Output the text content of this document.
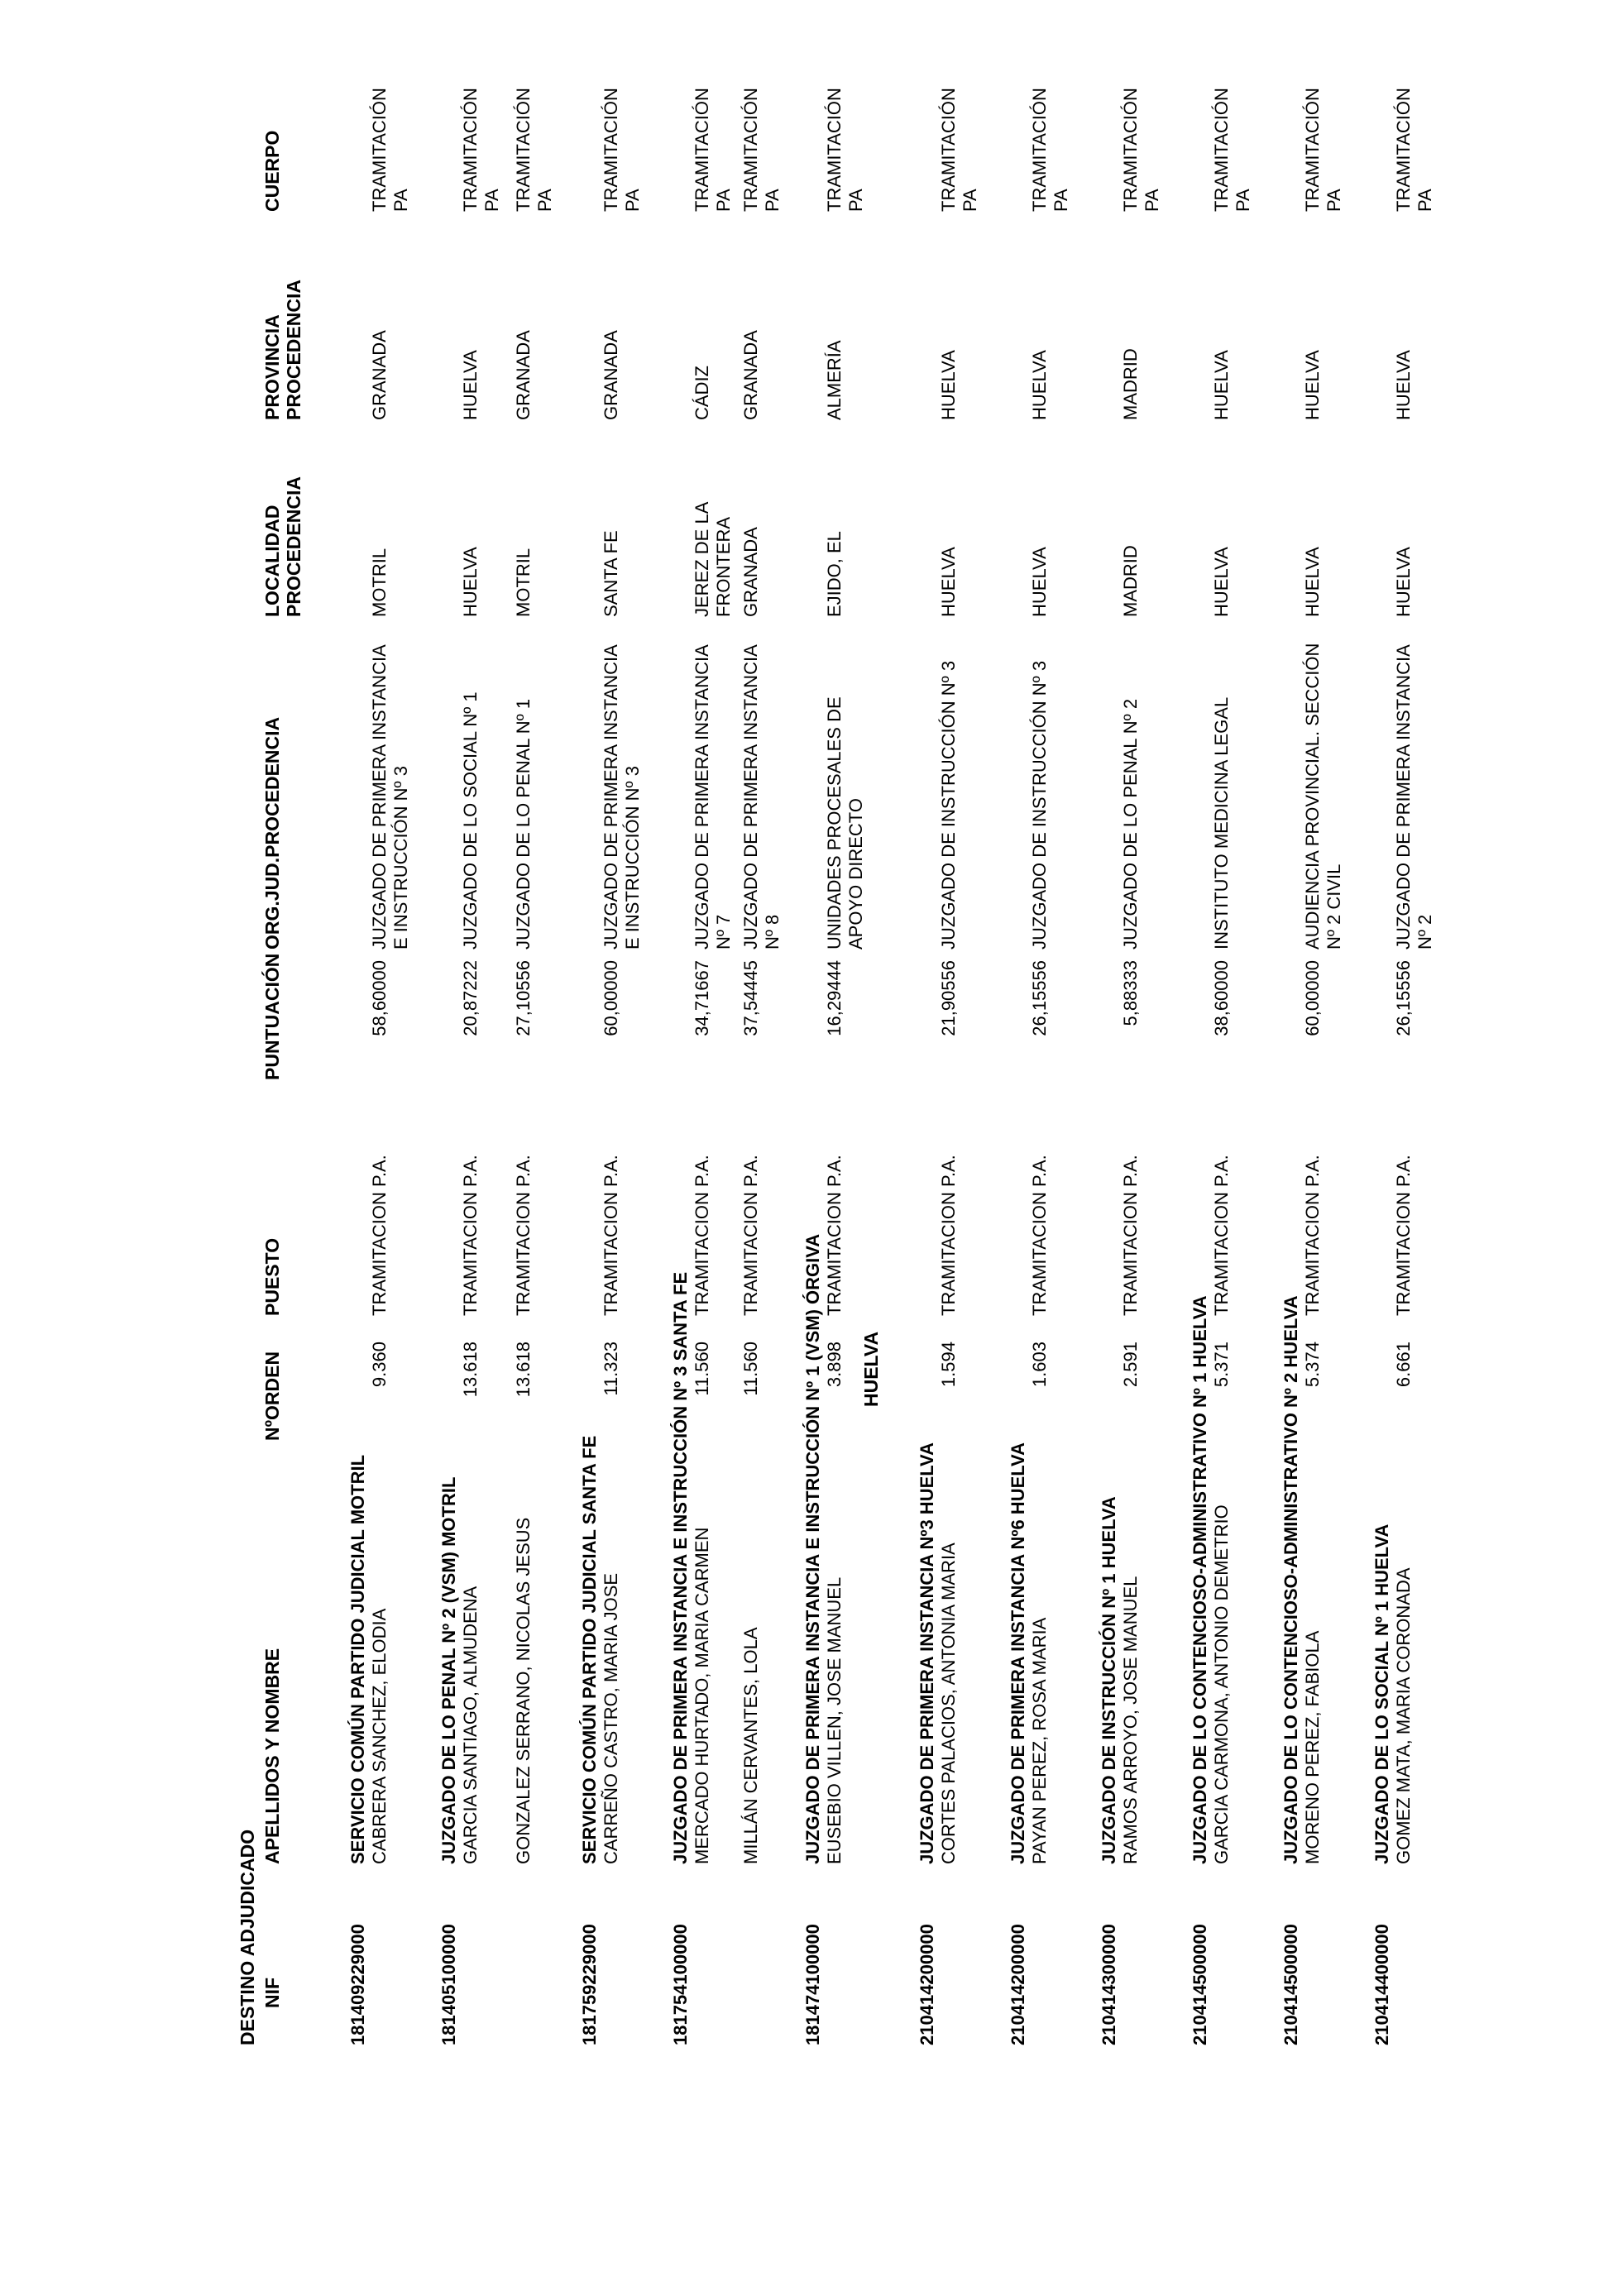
DESTINO ADJUDICADO NIF
APELLIDOS Y NOMBRE
NºORDEN
PUESTO
PUNTUACIÓN
ORG.JUD.PROCEDENCIA
LOCALIDAD PROCEDENCIA
PROVINCIA PROCEDENCIA
CUERPO
HUELVA
181409229000
SERVICIO COMÚN PARTIDO JUDICIAL MOTRIL CABRERA SANCHEZ, ELODIA
9.360
TRAMITACION P.A.
58,60000
JUZGADO DE PRIMERA INSTANCIA E INSTRUCCIÓN Nº 3
MOTRIL
GRANADA
TRAMITACIÓN PA
181405100000
JUZGADO DE LO PENAL Nº 2 (VSM) MOTRIL GARCIA SANTIAGO, ALMUDENA
13.618
TRAMITACION P.A.
20,87222
JUZGADO DE LO SOCIAL Nº 1
HUELVA
HUELVA
TRAMITACIÓN PA
GONZALEZ SERRANO, NICOLAS JESUS
13.618
TRAMITACION P.A.
27,10556
JUZGADO DE LO PENAL Nº 1
MOTRIL
GRANADA
TRAMITACIÓN PA
181759229000
SERVICIO COMÚN PARTIDO JUDICIAL SANTA FE CARREÑO CASTRO, MARIA JOSE
11.323
TRAMITACION P.A.
60,00000
JUZGADO DE PRIMERA INSTANCIA E INSTRUCCIÓN Nº 3
SANTA FE
GRANADA
TRAMITACIÓN PA
181754100000
JUZGADO DE PRIMERA INSTANCIA E INSTRUCCIÓN Nº 3 SANTA FE MERCADO HURTADO, MARIA CARMEN
11.560
TRAMITACION P.A.
34,71667
JUZGADO DE PRIMERA INSTANCIA Nº 7
JEREZ DE LA FRONTERA
CÁDIZ
TRAMITACIÓN PA
MILLÁN CERVANTES, LOLA
11.560
TRAMITACION P.A.
37,54445
JUZGADO DE PRIMERA INSTANCIA Nº 8
GRANADA
GRANADA
TRAMITACIÓN PA
181474100000
JUZGADO DE PRIMERA INSTANCIA E INSTRUCCIÓN Nº 1 (VSM) ÓRGIVA EUSEBIO VILLEN, JOSE MANUEL
3.898
TRAMITACION P.A.
16,29444
UNIDADES PROCESALES DE APOYO DIRECTO
EJIDO, EL
ALMERÍA
TRAMITACIÓN PA
210414200000
JUZGADO DE PRIMERA INSTANCIA Nº3 HUELVA CORTES PALACIOS, ANTONIA MARIA
1.594
TRAMITACION P.A.
21,90556
JUZGADO DE INSTRUCCIÓN Nº 3
HUELVA
HUELVA
TRAMITACIÓN PA
210414200000
JUZGADO DE PRIMERA INSTANCIA Nº6 HUELVA PAYAN PEREZ, ROSA MARIA
1.603
TRAMITACION P.A.
26,15556
JUZGADO DE INSTRUCCIÓN Nº 3
HUELVA
HUELVA
TRAMITACIÓN PA
210414300000
JUZGADO DE INSTRUCCIÓN Nº 1 HUELVA RAMOS ARROYO, JOSE MANUEL
2.591
TRAMITACION P.A.
5,88333
JUZGADO DE LO PENAL Nº 2
MADRID
MADRID
TRAMITACIÓN PA
210414500000
JUZGADO DE LO CONTENCIOSO-ADMINISTRATIVO Nº 1 HUELVA GARCIA CARMONA, ANTONIO DEMETRIO
5.371
TRAMITACION P.A.
38,60000
INSTITUTO MEDICINA LEGAL
HUELVA
HUELVA
TRAMITACIÓN PA
210414500000
JUZGADO DE LO CONTENCIOSO-ADMINISTRATIVO Nº 2 HUELVA MORENO PEREZ, FABIOLA
5.374
TRAMITACION P.A.
60,00000
AUDIENCIA PROVINCIAL. SECCIÓN Nº 2 CIVIL
HUELVA
HUELVA
TRAMITACIÓN PA
210414400000
JUZGADO DE LO SOCIAL Nº 1 HUELVA GOMEZ MATA, MARIA CORONADA
6.661
TRAMITACION P.A.
26,15556
JUZGADO DE PRIMERA INSTANCIA Nº 2
HUELVA
HUELVA
TRAMITACIÓN PA
